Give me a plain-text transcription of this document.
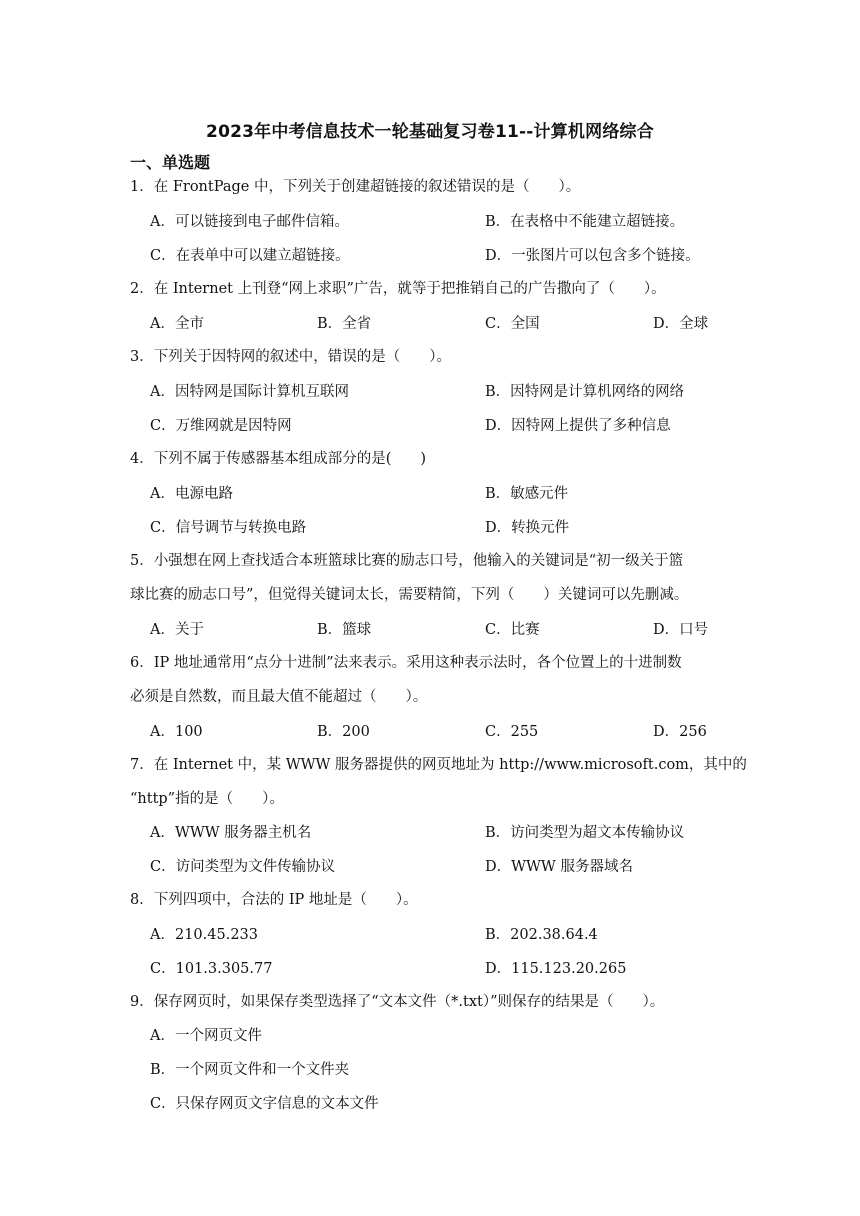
2023年中考信息技术一轮基础复习卷11--计算机网络综合
一、单选题
1．在 FrontPage 中，下列关于创建超链接的叙述错误的是（　　）。
A．可以链接到电子邮件信箱。	B．在表格中不能建立超链接。
C．在表单中可以建立超链接。	D．一张图片可以包含多个链接。
2．在 Internet 上刊登“网上求职”广告，就等于把推销自己的广告撒向了（　　）。
A．全市	B．全省	C．全国	D．全球
3．下列关于因特网的叙述中，错误的是（　　）。
A．因特网是国际计算机互联网	B．因特网是计算机网络的网络
C．万维网就是因特网	D．因特网上提供了多种信息
4．下列不属于传感器基本组成部分的是(　　)
A．电源电路	B．敏感元件
C．信号调节与转换电路	D．转换元件
5．小强想在网上查找适合本班篮球比赛的励志口号，他输入的关键词是“初一级关于篮
球比赛的励志口号”，但觉得关键词太长，需要精简，下列（　　）关键词可以先删减。
A．关于	B．篮球	C．比赛	D．口号
6．IP 地址通常用“点分十进制”法来表示。采用这种表示法时，各个位置上的十进制数
必须是自然数，而且最大值不能超过（　　）。
A．100	B．200	C．255	D．256
7．在 Internet 中，某 WWW 服务器提供的网页地址为 http://www.microsoft.com，其中的
“http”指的是（　　）。
A．WWW 服务器主机名	B．访问类型为超文本传输协议
C．访问类型为文件传输协议	D．WWW 服务器域名
8．下列四项中，合法的 IP 地址是（　　）。
A．210.45.233	B．202.38.64.4
C．101.3.305.77	D．115.123.20.265
9．保存网页时，如果保存类型选择了“文本文件（*.txt）”则保存的结果是（　　）。
A．一个网页文件
B．一个网页文件和一个文件夹
C．只保存网页文字信息的文本文件
